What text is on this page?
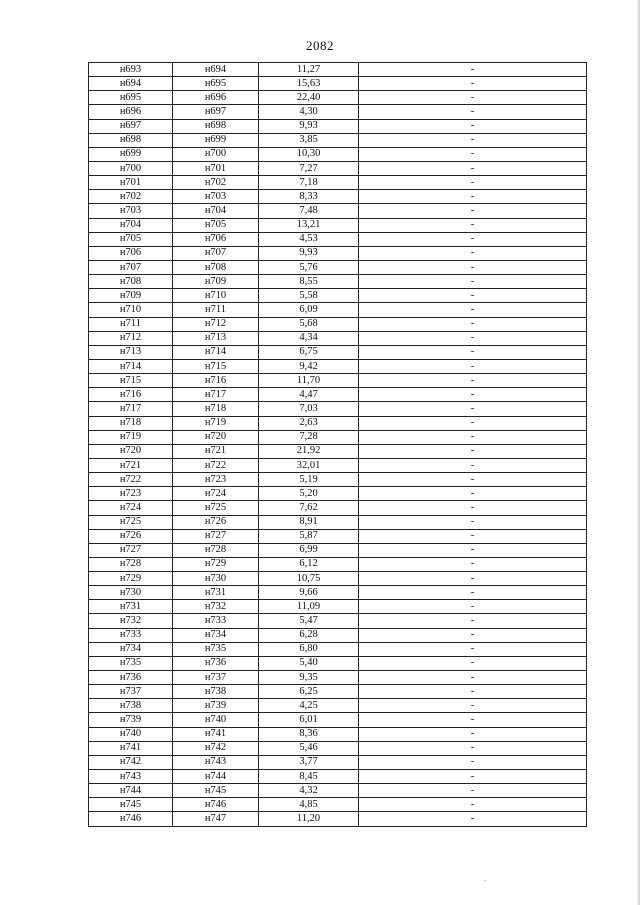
2082
н693	н694	11,27	-
н694	н695	15,63	-
н695	н696	22,40	-
н696	н697	4,30	-
н697	н698	9,93	-
н698	н699	3,85	-
н699	н700	10,30	-
н700	н701	7,27	-
н701	н702	7,18	-
н702	н703	8,33	-
н703	н704	7,48	-
н704	н705	13,21	-
н705	н706	4,53	-
н706	н707	9,93	-
н707	н708	5,76	-
н708	н709	8,55	-
н709	н710	5,58	-
н710	н711	6,09	-
н711	н712	5,68	-
н712	н713	4,34	-
н713	н714	6,75	-
н714	н715	9,42	-
н715	н716	11,70	-
н716	н717	4,47	-
н717	н718	7,03	-
н718	н719	2,63	-
н719	н720	7,28	-
н720	н721	21,92	-
н721	н722	32,01	-
н722	н723	5,19	-
н723	н724	5,20	-
н724	н725	7,62	-
н725	н726	8,91	-
н726	н727	5,87	-
н727	н728	6,99	-
н728	н729	6,12	-
н729	н730	10,75	-
н730	н731	9,66	-
н731	н732	11,09	-
н732	н733	5,47	-
н733	н734	6,28	-
н734	н735	6,80	-
н735	н736	5,40	-
н736	н737	9,35	-
н737	н738	6,25	-
н738	н739	4,25	-
н739	н740	6,01	-
н740	н741	8,36	-
н741	н742	5,46	-
н742	н743	3,77	-
н743	н744	8,45	-
н744	н745	4,32	-
н745	н746	4,85	-
н746	н747	11,20	-
